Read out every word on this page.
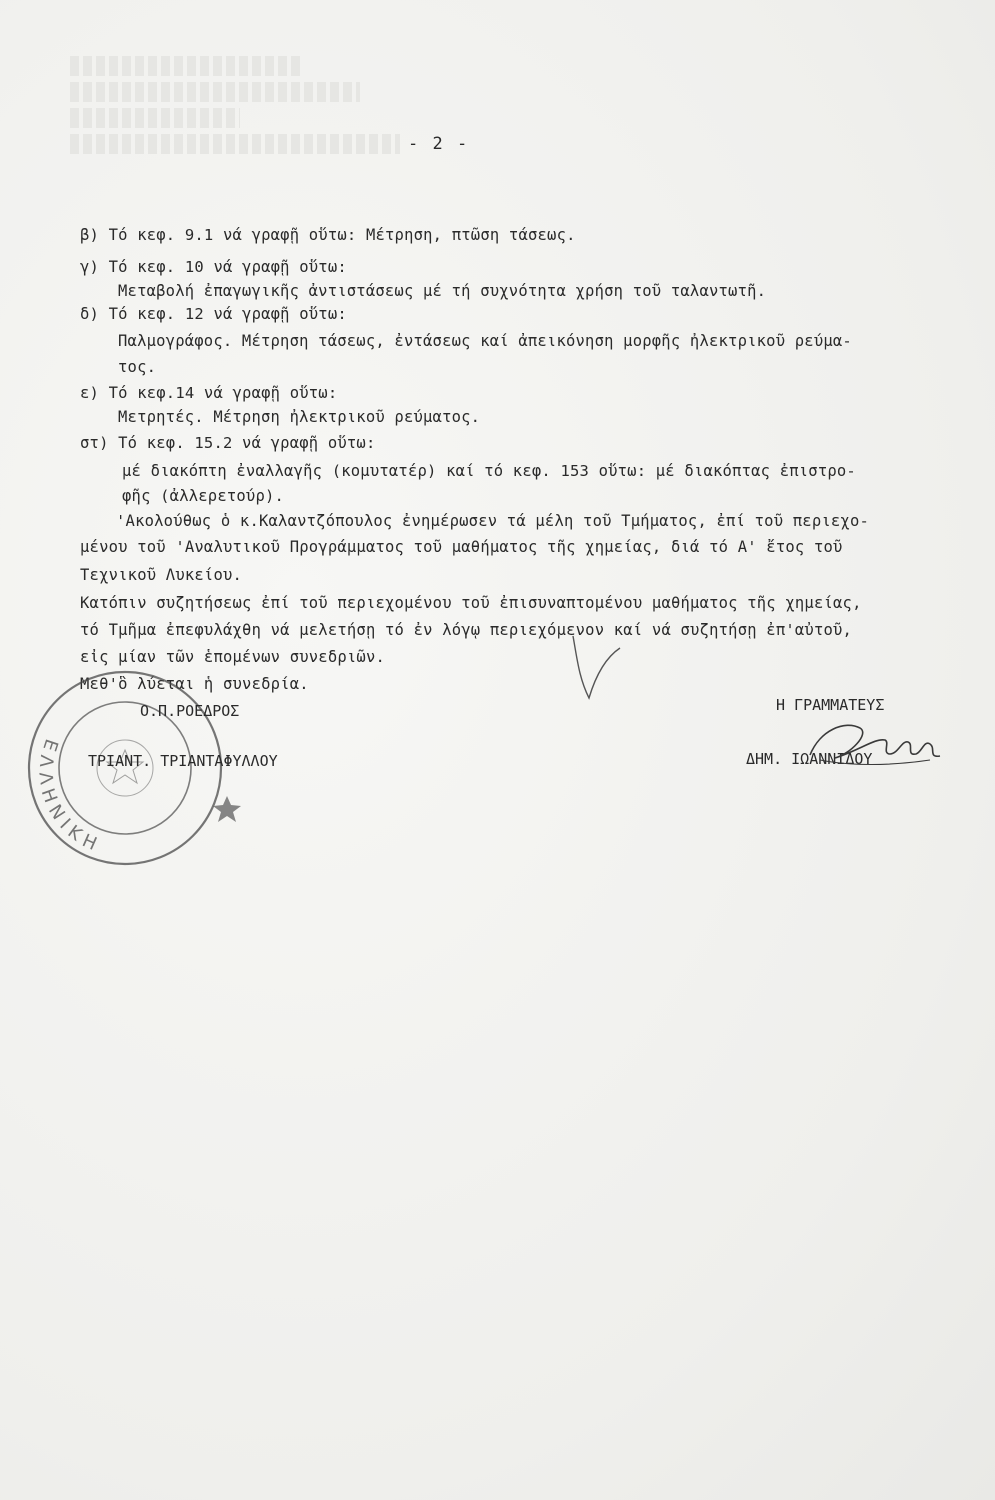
- 2 -
β) Τό κεφ. 9.1 νά γραφῇ οὕτω: Μέτρηση, πτῶση τάσεως.
γ) Τό κεφ. 10 νά γραφῇ οὕτω:
Μεταβολή ἐπαγωγικῆς ἀντιστάσεως μέ τή συχνότητα χρήση τοῦ ταλαντωτῆ.
δ) Τό κεφ. 12 νά γραφῇ οὕτω:
Παλμογράφος. Μέτρηση τάσεως, ἐντάσεως καί ἀπεικόνηση μορφῆς ἠλεκτρικοῦ ρεύμα-
τος.
ε) Τό κεφ.14 νά γραφῇ οὕτω:
Μετρητές. Μέτρηση ἠλεκτρικοῦ ρεύματος.
στ) Τό κεφ. 15.2 νά γραφῇ οὕτω:
μέ διακόπτη ἐναλλαγῆς (κομυτατέρ) καί τό κεφ. 153 οὕτω: μέ διακόπτας ἐπιστρο-
φῆς (ἀλλερετούρ).
'Ακολούθως ὁ κ.Καλαντζόπουλος ἐνημέρωσεν τά μέλη τοῦ Τμήματος, ἐπί τοῦ περιεχο-
μένου τοῦ 'Αναλυτικοῦ Προγράμματος τοῦ μαθήματος τῆς χημείας, διά τό Α' ἔτος τοῦ
Τεχνικοῦ Λυκείου.
Κατόπιν συζητήσεως ἐπί τοῦ περιεχομένου τοῦ ἐπισυναπτομένου μαθήματος τῆς χημείας,
τό Τμῆμα ἐπεφυλάχθη νά μελετήσῃ τό ἐν λόγῳ περιεχόμενον καί νά συζητήσῃ ἐπ'αὐτοῦ,
εἰς μίαν τῶν ἑπομένων συνεδριῶν.
Μεθ'ὃ λύεται ἡ συνεδρία.
ΕΛΛΗΝΙΚΗ
Ο.Π.ΡΟΕΔΡΟΣ
ΤΡΙΑΝΤ. ΤΡΙΑΝΤΑΦΥΛΛΟΥ
Η ΓΡΑΜΜΑΤΕΥΣ
ΔΗΜ. ΙΩΑΝΝΙΔΟΥ
